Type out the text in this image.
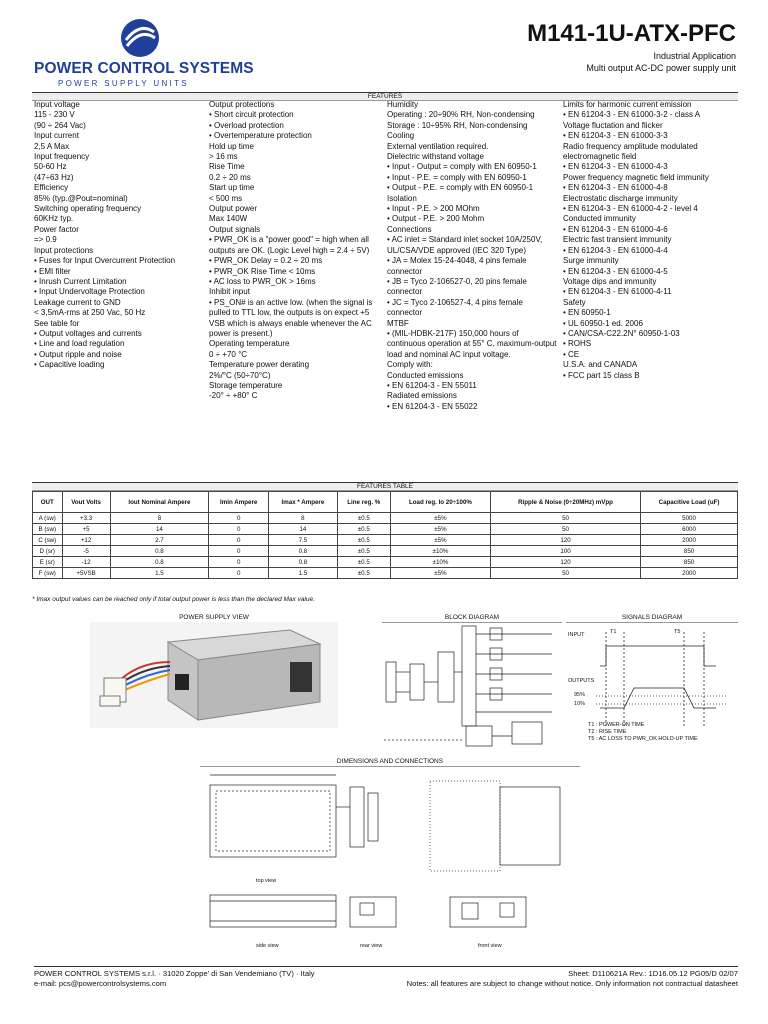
POWER CONTROL SYSTEMS
POWER SUPPLY UNITS
M141-1U-ATX-PFC
Industrial Application
Multi output AC-DC power supply unit
FEATURES
Input voltage
115 - 230 V
(90 ÷ 264 Vac)
Input current
2,5 A Max
Input frequency
50-60 Hz
(47÷63 Hz)
Efficiency
85% (typ.@Pout=nominal)
Switching operating frequency
60KHz typ.
Power factor
=> 0.9
Input protections
• Fuses for Input Overcurrent Protection
• EMI filter
• Inrush Current Limitation
• Input Undervoltage Protection
Leakage current to GND
< 3,5mA-rms at 250 Vac, 50 Hz
See table for
• Output voltages and currents
• Line and load regulation
• Output ripple and noise
• Capacitive loading
Output protections
• Short circuit protection
• Overload protection
• Overtemperature protection
Hold up time
> 16 ms
Rise Time
0.2 ÷ 20 ms
Start up time
< 500 ms
Output power
Max 140W
Output signals
• PWR_OK is a "power good" = high when all outputs are OK. (Logic Level high = 2.4 ÷ 5V)
• PWR_OK Delay = 0.2 ÷ 20 ms
• PWR_OK Rise Time < 10ms
• AC loss to PWR_OK > 16ms
Inhibit input
• PS_ON# is an active low. (when the signal is pulled to TTL low, the outputs is on expect +5 VSB which is always enable whenever the AC power is present.)
Operating temperature
0 ÷ +70 °C
Temperature power derating
2%/°C (50÷70°C)
Storage temperature
-20° ÷ +80° C
Humidity
Operating : 20÷90% RH, Non-condensing
Storage : 10÷95% RH, Non-condensing
Cooling
External ventilation required.
Dielectric withstand voltage
• Input - Output = comply with EN 60950-1
• Input - P.E. = comply with EN 60950-1
• Output - P.E. = comply with EN 60950-1
Isolation
• Input - P.E. > 200 MOhm
• Output - P.E. > 200 Mohm
Connections
• AC inlet = Standard inlet socket 10A/250V, UL/CSA/VDE approved (IEC 320 Type)
• JA = Molex 15-24-4048, 4 pins female connector
• JB = Tyco 2-106527-0, 20 pins female connector
• JC = Tyco 2-106527-4, 4 pins female connector
MTBF
• (MIL-HDBK-217F) 150,000 hours of continuous operation at 55° C, maximum-output load and nominal AC input voltage.
Comply with:
Conducted emissions
• EN 61204-3 - EN 55011
Radiated emissions
• EN 61204-3 - EN 55022
Limits for harmonic current emission
• EN 61204-3 - EN 61000-3-2 - class A
Voltage fluctation and flicker
• EN 61204-3 - EN 61000-3-3
Radio frequency amplitude modulated electromagnetic field
• EN 61204-3 - EN 61000-4-3
Power frequency magnetic field immunity
• EN 61204-3 - EN 61000-4-8
Electrostatic discharge immunity
• EN 61204-3 - EN 61000-4-2 - level 4
Conducted immunity
• EN 61204-3 - EN 61000-4-6
Electric fast transient immunity
• EN 61204-3 - EN 61000-4-4
Surge immunity
• EN 61204-3 - EN 61000-4-5
Voltage dips and immunity
• EN 61204-3 - EN 61000-4-11
Safety
• EN 60950-1
• UL 60950-1 ed. 2006
• CAN/CSA-C22.2N° 60950-1-03
• ROHS
• CE
U.S.A. and CANADA
• FCC part 15 class B
FEATURES TABLE
OUT	Vout Volts	Iout Nominal Ampere	Imin Ampere	Imax * Ampere	Line reg. %	Load reg. Io 20÷100%	Ripple & Noise (0÷20MHz) mVpp	Capacitive Load (uF)
A (sw)	+3.3	8	0	8	±0.5	±5%	50	5000
B (sw)	+5	14	0	14	±0.5	±5%	50	6000
C (sw)	+12	2.7	0	7.5	±0.5	±5%	120	2000
D (sr)	-5	0.8	0	0.8	±0.5	±10%	100	850
E (sr)	-12	0.8	0	0.8	±0.5	±10%	120	850
F (sw)	+5VSB	1.5	0	1.5	±0.5	±5%	50	2000
* Imax output values can be reached only if total output power is less than the declared Max value.
POWER SUPPLY VIEW	BLOCK DIAGRAM	SIGNALS DIAGRAM
INPUT	T1	T5
OUTPUTS
95%
10%
T1 : POWER-ON TIME
T2 : RISE TIME
T5 : AC LOSS TO PWR_OK HOLD-UP TIME
DIMENSIONS AND CONNECTIONS
top view
side view	rear view	front view
POWER CONTROL SYSTEMS s.r.l. · 31020 Zoppe' di San Vendemiano (TV) · Italy
e-mail: pcs@powercontrolsystems.com
Sheet: D110621A Rev.: 1D16.05.12 PG05/D 02/07
Notes: all features are subject to change without notice. Only information not contractual datasheet
